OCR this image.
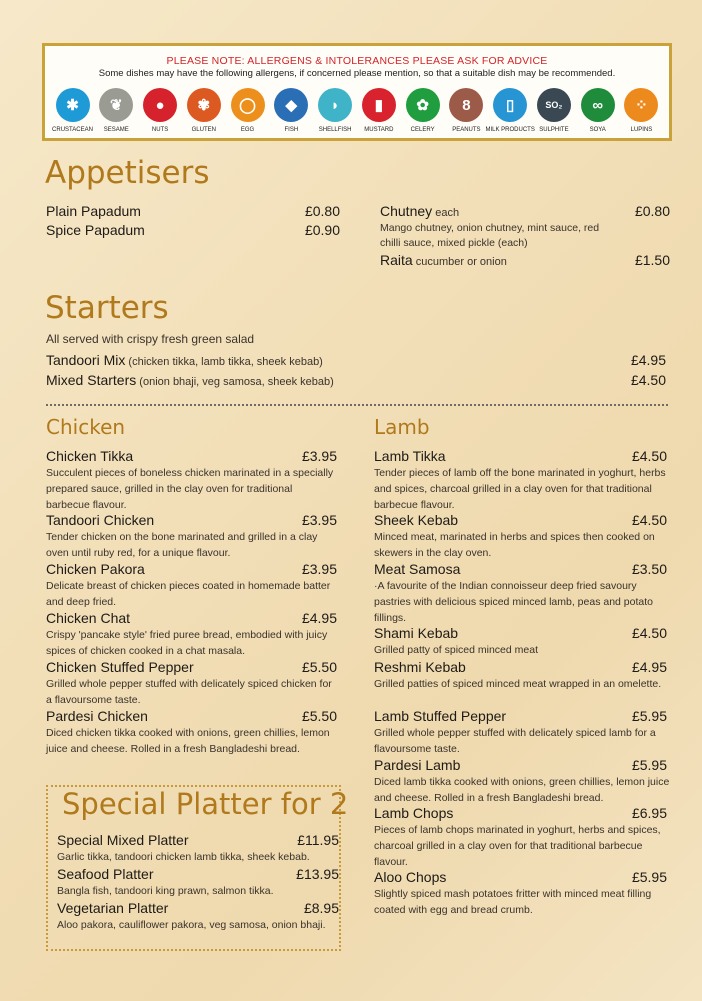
PLEASE NOTE: ALLERGENS & INTOLERANCES PLEASE ASK FOR ADVICE
Some dishes may have the following allergens, if concerned please mention, so that a suitable dish may be recommended.
✱
CRUSTACEAN
❦
SESAME
●
NUTS
✾
GLUTEN
◯
EGG
◆
FISH
◗
SHELLFISH
▮
MUSTARD
✿
CELERY
8
PEANUTS
▯
MILK PRODUCTS
SO₂
SULPHITE
∞
SOYA
⁘
LUPINS
Appetisers
Plain Papadum	£0.80
Spice Papadum	£0.90
Chutney each	£0.80
Mango chutney, onion chutney, mint sauce, red chilli sauce, mixed pickle (each)
Raita cucumber or onion	£1.50
Starters
All served with crispy fresh green salad
Tandoori Mix (chicken tikka, lamb tikka, sheek kebab)	£4.95
Mixed Starters (onion bhaji, veg samosa, sheek kebab)	£4.50
Chicken
Chicken Tikka	£3.95
Succulent pieces of boneless chicken marinated in a specially prepared sauce, grilled in the clay oven for traditional barbecue flavour.
Tandoori Chicken	£3.95
Tender chicken on the bone marinated and grilled in a clay oven until ruby red, for a unique flavour.
Chicken Pakora	£3.95
Delicate breast of chicken pieces coated in homemade batter and deep fried.
Chicken Chat	£4.95
Crispy 'pancake style' fried puree bread, embodied with juicy spices of chicken cooked in a chat masala.
Chicken Stuffed Pepper	£5.50
Grilled whole pepper stuffed with delicately spiced chicken for a flavoursome taste.
Pardesi Chicken	£5.50
Diced chicken tikka cooked with onions, green chillies, lemon juice and cheese. Rolled in a fresh Bangladeshi bread.
Lamb
Lamb Tikka	£4.50
Tender pieces of lamb off the bone marinated in yoghurt, herbs and spices, charcoal grilled in a clay oven for that traditional barbecue flavour.
Sheek Kebab	£4.50
Minced meat, marinated in herbs and spices then cooked on skewers in the clay oven.
Meat Samosa	£3.50
·A favourite of the Indian connoisseur deep fried savoury pastries with delicious spiced minced lamb, peas and potato fillings.
Shami Kebab	£4.50
Grilled patty of spiced minced meat
Reshmi Kebab	£4.95
Grilled patties of spiced minced meat wrapped in an omelette.
Lamb Stuffed Pepper	£5.95
Grilled whole pepper stuffed with delicately spiced lamb for a flavoursome taste.
Pardesi Lamb	£5.95
Diced lamb tikka cooked with onions, green chillies, lemon juice and cheese. Rolled in a fresh Bangladeshi bread.
Lamb Chops	£6.95
Pieces of lamb chops marinated in yoghurt, herbs and spices, charcoal grilled in a clay oven for that traditional barbecue flavour.
Aloo Chops	£5.95
Slightly spiced mash potatoes fritter with minced meat filling coated with egg and bread crumb.
Special Platter for 2
Special Mixed Platter	£11.95
Garlic tikka, tandoori chicken lamb tikka, sheek kebab.
Seafood Platter	£13.95
Bangla fish, tandoori king prawn, salmon tikka.
Vegetarian Platter	£8.95
Aloo pakora, cauliflower pakora, veg samosa, onion bhaji.
